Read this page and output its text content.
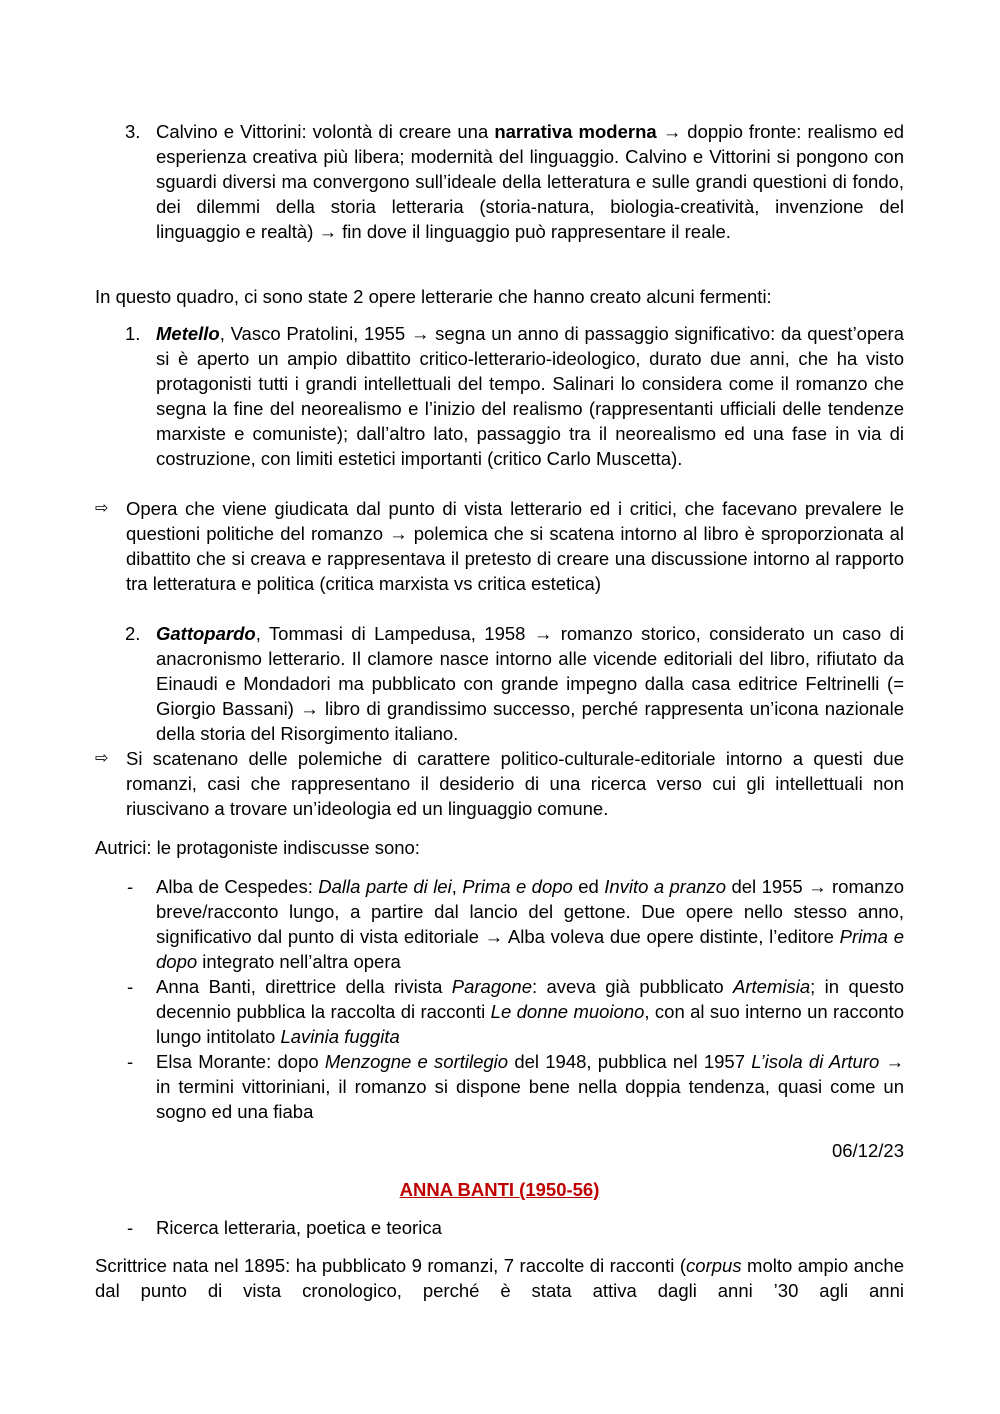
3. Calvino e Vittorini: volontà di creare una narrativa moderna → doppio fronte: realismo ed esperienza creativa più libera; modernità del linguaggio. Calvino e Vittorini si pongono con sguardi diversi ma convergono sull’ideale della letteratura e sulle grandi questioni di fondo, dei dilemmi della storia letteraria (storia-natura, biologia-creatività, invenzione del linguaggio e realtà) → fin dove il linguaggio può rappresentare il reale.
In questo quadro, ci sono state 2 opere letterarie che hanno creato alcuni fermenti:
1. Metello, Vasco Pratolini, 1955 → segna un anno di passaggio significativo: da quest’opera si è aperto un ampio dibattito critico-letterario-ideologico, durato due anni, che ha visto protagonisti tutti i grandi intellettuali del tempo. Salinari lo considera come il romanzo che segna la fine del neorealismo e l’inizio del realismo (rappresentanti ufficiali delle tendenze marxiste e comuniste); dall’altro lato, passaggio tra il neorealismo ed una fase in via di costruzione, con limiti estetici importanti (critico Carlo Muscetta).
⇨ Opera che viene giudicata dal punto di vista letterario ed i critici, che facevano prevalere le questioni politiche del romanzo → polemica che si scatena intorno al libro è sproporzionata al dibattito che si creava e rappresentava il pretesto di creare una discussione intorno al rapporto tra letteratura e politica (critica marxista vs critica estetica)
2. Gattopardo, Tommasi di Lampedusa, 1958 → romanzo storico, considerato un caso di anacronismo letterario. Il clamore nasce intorno alle vicende editoriali del libro, rifiutato da Einaudi e Mondadori ma pubblicato con grande impegno dalla casa editrice Feltrinelli (= Giorgio Bassani) → libro di grandissimo successo, perché rappresenta un’icona nazionale della storia del Risorgimento italiano.
⇨ Si scatenano delle polemiche di carattere politico-culturale-editoriale intorno a questi due romanzi, casi che rappresentano il desiderio di una ricerca verso cui gli intellettuali non riuscivano a trovare un’ideologia ed un linguaggio comune.
Autrici: le protagoniste indiscusse sono:
-	Alba de Cespedes: Dalla parte di lei, Prima e dopo ed Invito a pranzo del 1955 → romanzo breve/racconto lungo, a partire dal lancio del gettone. Due opere nello stesso anno, significativo dal punto di vista editoriale → Alba voleva due opere distinte, l’editore Prima e dopo integrato nell’altra opera
-	Anna Banti, direttrice della rivista Paragone: aveva già pubblicato Artemisia; in questo decennio pubblica la raccolta di racconti Le donne muoiono, con al suo interno un racconto lungo intitolato Lavinia fuggita
-	Elsa Morante: dopo Menzogne e sortilegio del 1948, pubblica nel 1957 L’isola di Arturo → in termini vittoriniani, il romanzo si dispone bene nella doppia tendenza, quasi come un sogno ed una fiaba
06/12/23
ANNA BANTI (1950-56)
-	Ricerca letteraria, poetica e teorica
Scrittrice nata nel 1895: ha pubblicato 9 romanzi, 7 raccolte di racconti (corpus molto ampio anche dal punto di vista cronologico, perché è stata attiva dagli anni ’30 agli anni
